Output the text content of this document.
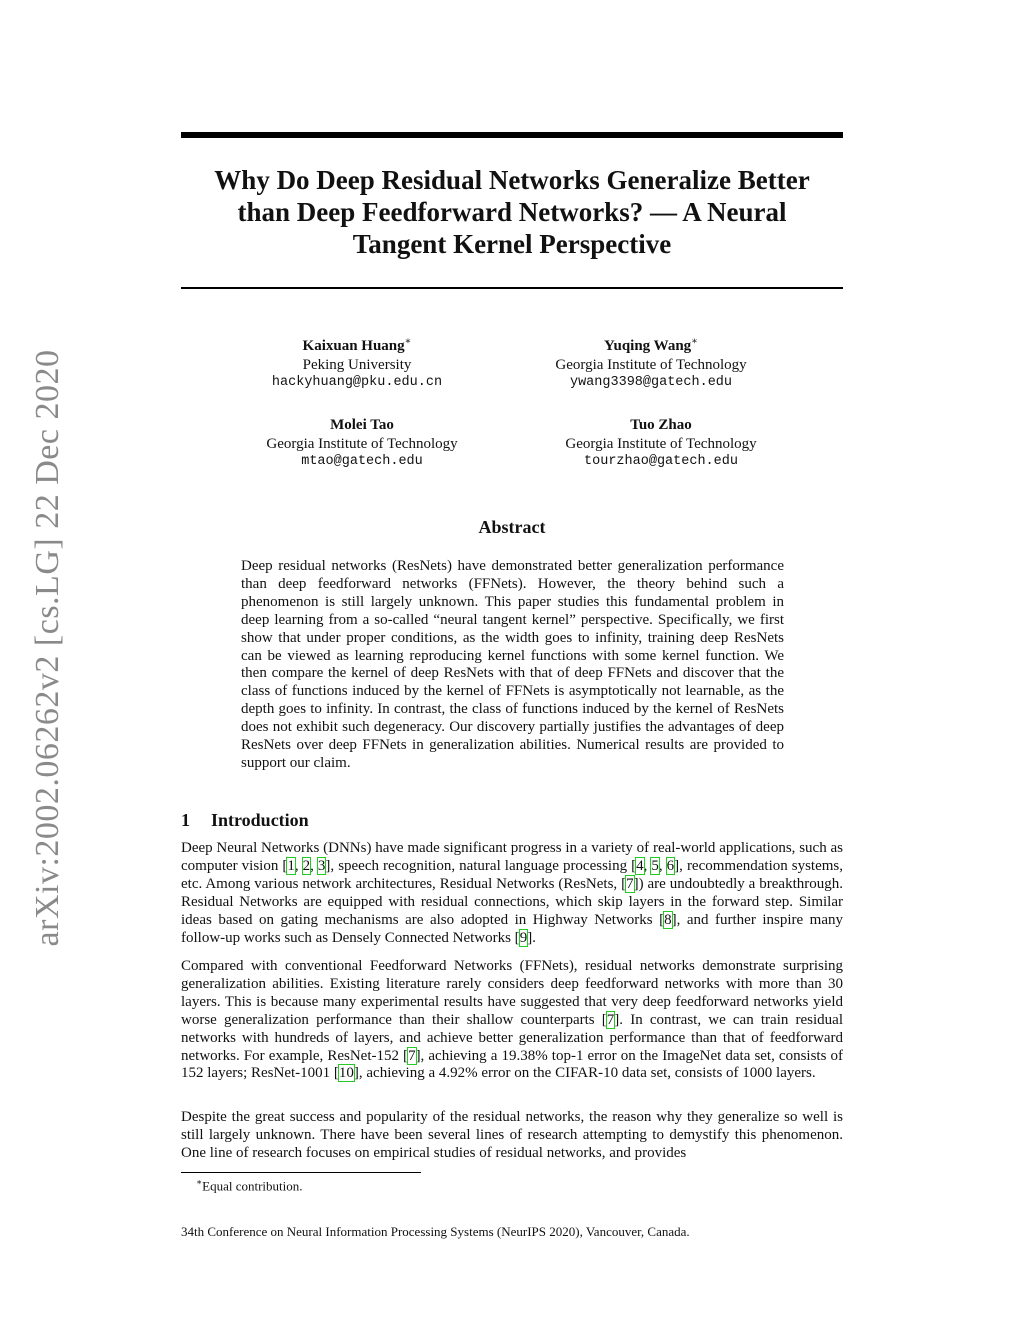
arXiv:2002.06262v2 [cs.LG] 22 Dec 2020
Why Do Deep Residual Networks Generalize Better
than Deep Feedforward Networks? — A Neural
Tangent Kernel Perspective
Kaixuan Huang∗
Peking University
hackyhuang@pku.edu.cn
Yuqing Wang∗
Georgia Institute of Technology
ywang3398@gatech.edu
Molei Tao
Georgia Institute of Technology
mtao@gatech.edu
Tuo Zhao
Georgia Institute of Technology
tourzhao@gatech.edu
Abstract
Deep residual networks (ResNets) have demonstrated better generalization performance than deep feedforward networks (FFNets). However, the theory behind such a phenomenon is still largely unknown. This paper studies this fundamental problem in deep learning from a so-called “neural tangent kernel” perspective. Specifically, we first show that under proper conditions, as the width goes to infinity, training deep ResNets can be viewed as learning reproducing kernel functions with some kernel function. We then compare the kernel of deep ResNets with that of deep FFNets and discover that the class of functions induced by the kernel of FFNets is asymptotically not learnable, as the depth goes to infinity. In contrast, the class of functions induced by the kernel of ResNets does not exhibit such degeneracy. Our discovery partially justifies the advantages of deep ResNets over deep FFNets in generalization abilities. Numerical results are provided to support our claim.
1 Introduction

Deep Neural Networks (DNNs) have made significant progress in a variety of real-world applications, such as computer vision [1, 2, 3], speech recognition, natural language processing [4, 5, 6], recommendation systems, etc. Among various network architectures, Residual Networks (ResNets, [7]) are undoubtedly a breakthrough. Residual Networks are equipped with residual connections, which skip layers in the forward step. Similar ideas based on gating mechanisms are also adopted in Highway Networks [8], and further inspire many follow-up works such as Densely Connected Networks [9].

Compared with conventional Feedforward Networks (FFNets), residual networks demonstrate surprising generalization abilities. Existing literature rarely considers deep feedforward networks with more than 30 layers. This is because many experimental results have suggested that very deep feedforward networks yield worse generalization performance than their shallow counterparts [7]. In contrast, we can train residual networks with hundreds of layers, and achieve better generalization performance than that of feedforward networks. For example, ResNet-152 [7], achieving a 19.38% top-1 error on the ImageNet data set, consists of 152 layers; ResNet-1001 [10], achieving a 4.92% error on the CIFAR-10 data set, consists of 1000 layers.

Despite the great success and popularity of the residual networks, the reason why they generalize so well is still largely unknown. There have been several lines of research attempting to demystify this phenomenon. One line of research focuses on empirical studies of residual networks, and provides

∗Equal contribution.
34th Conference on Neural Information Processing Systems (NeurIPS 2020), Vancouver, Canada.
